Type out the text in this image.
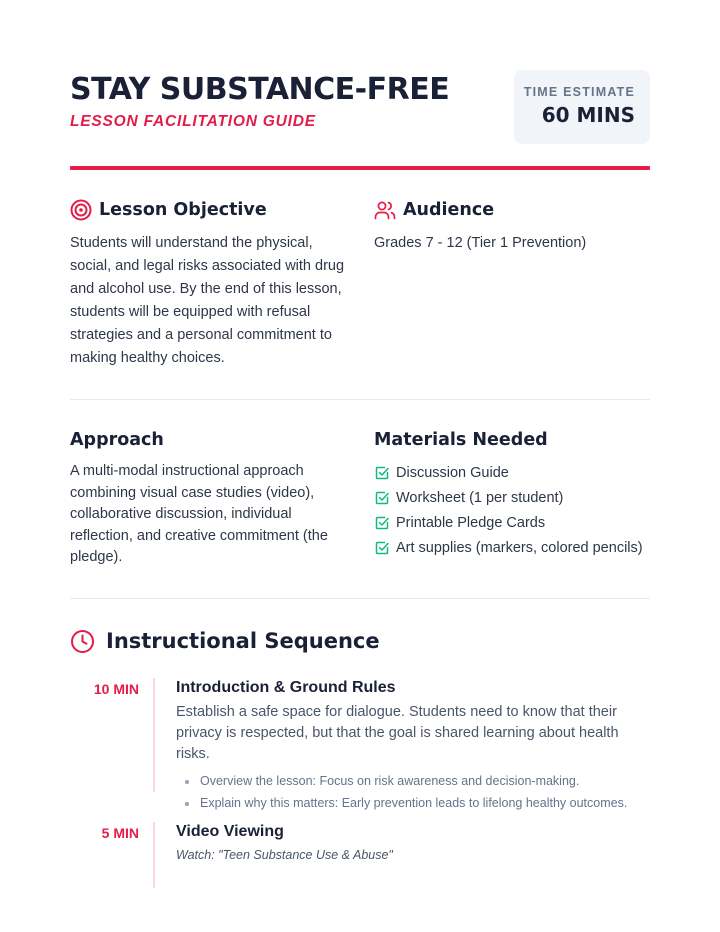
STAY SUBSTANCE-FREE
LESSON FACILITATION GUIDE
TIME ESTIMATE
60 MINS
Lesson Objective
Students will understand the physical,
social, and legal risks associated with drug
and alcohol use. By the end of this lesson,
students will be equipped with refusal
strategies and a personal commitment to
making healthy choices.
Audience
Grades 7 - 12 (Tier 1 Prevention)
Approach
A multi-modal instructional approach
combining visual case studies (video),
collaborative discussion, individual
reflection, and creative commitment (the
pledge).
Materials Needed
Discussion Guide
Worksheet (1 per student)
Printable Pledge Cards
Art supplies (markers, colored pencils)
Instructional Sequence
10 MIN Introduction & Ground Rules
Establish a safe space for dialogue. Students need to know that their
privacy is respected, but that the goal is shared learning about health risks.
Overview the lesson: Focus on risk awareness and decision-making.
Explain why this matters: Early prevention leads to lifelong healthy outcomes.
5 MIN Video Viewing
Watch: "Teen Substance Use & Abuse"
